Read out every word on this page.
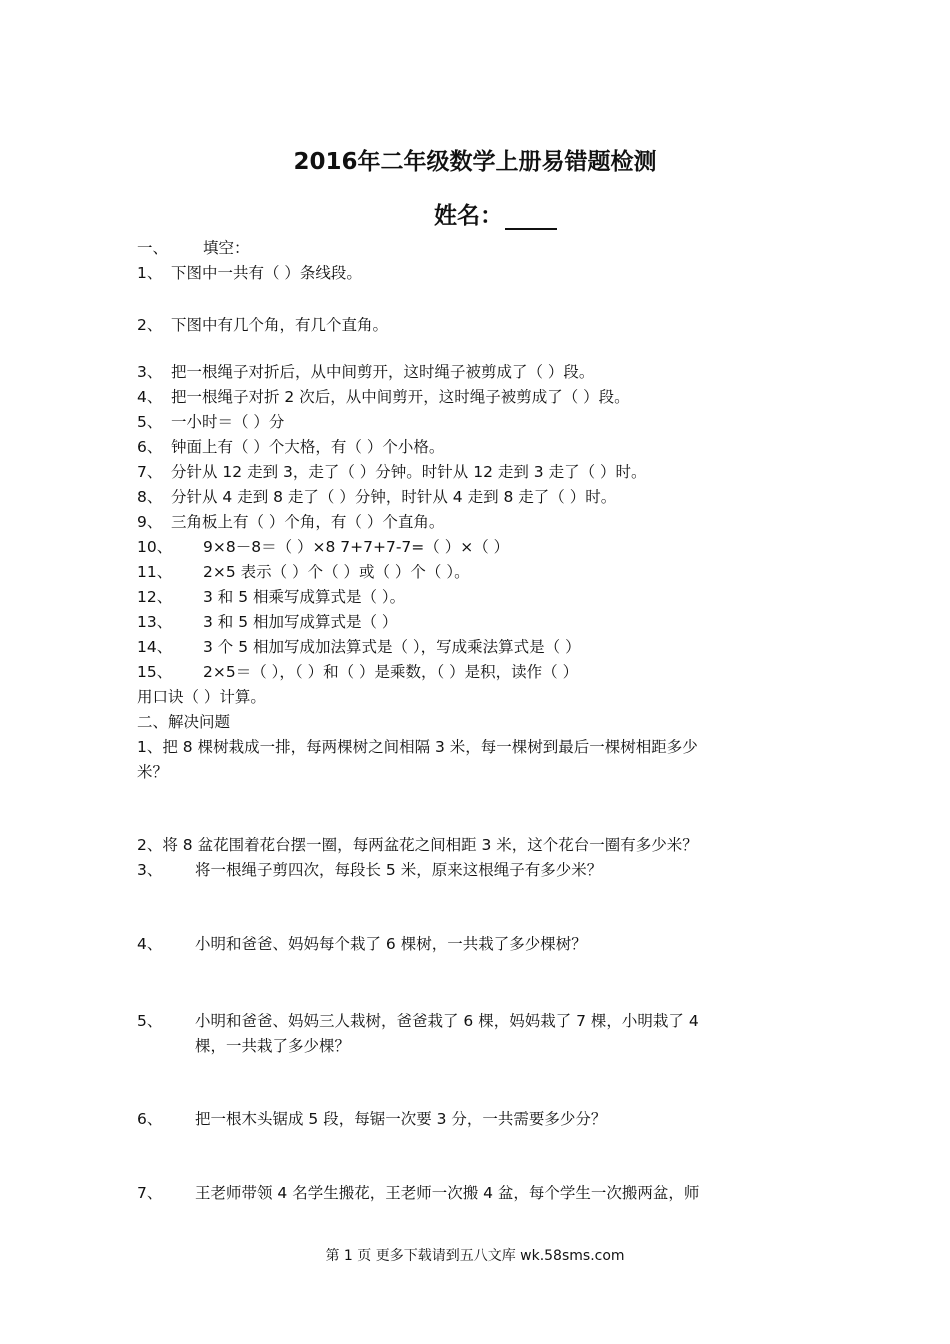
2016年二年级数学上册易错题检测
姓名：
一、 填空：
1、 下图中一共有（ ）条线段。
2、 下图中有几个角，有几个直角。
3、 把一根绳子对折后，从中间剪开，这时绳子被剪成了（ ）段。
4、 把一根绳子对折 2 次后，从中间剪开，这时绳子被剪成了（ ）段。
5、 一小时＝（ ）分
6、 钟面上有（ ）个大格，有（ ）个小格。
7、 分针从 12 走到 3，走了（ ）分钟。时针从 12 走到 3 走了（ ）时。
8、 分针从 4 走到 8 走了（ ）分钟，时针从 4 走到 8 走了（ ）时。
9、 三角板上有（ ）个角，有（ ）个直角。
10、 9×8－8＝（ ）×8 7+7+7-7=（ ）×（ ）
11、 2×5 表示（ ）个（ ）或（ ）个（ ）。
12、 3 和 5 相乘写成算式是（ ）。
13、 3 和 5 相加写成算式是（ ）
14、 3 个 5 相加写成加法算式是（ ），写成乘法算式是（ ）
15、 2×5＝（ ），（ ）和（ ）是乘数，（ ）是积，读作（ ）
用口诀（ ）计算。
二、解决问题
1、把 8 棵树栽成一排，每两棵树之间相隔 3 米，每一棵树到最后一棵树相距多少
米？
2、将 8 盆花围着花台摆一圈，每两盆花之间相距 3 米，这个花台一圈有多少米？
3、 将一根绳子剪四次，每段长 5 米，原来这根绳子有多少米？
4、 小明和爸爸、妈妈每个栽了 6 棵树，一共栽了多少棵树？
5、 小明和爸爸、妈妈三人栽树，爸爸栽了 6 棵，妈妈栽了 7 棵，小明栽了 4
棵，一共栽了多少棵？
6、 把一根木头锯成 5 段，每锯一次要 3 分，一共需要多少分？
7、 王老师带领 4 名学生搬花，王老师一次搬 4 盆，每个学生一次搬两盆，师
第 1 页 更多下载请到五八文库 wk.58sms.com
